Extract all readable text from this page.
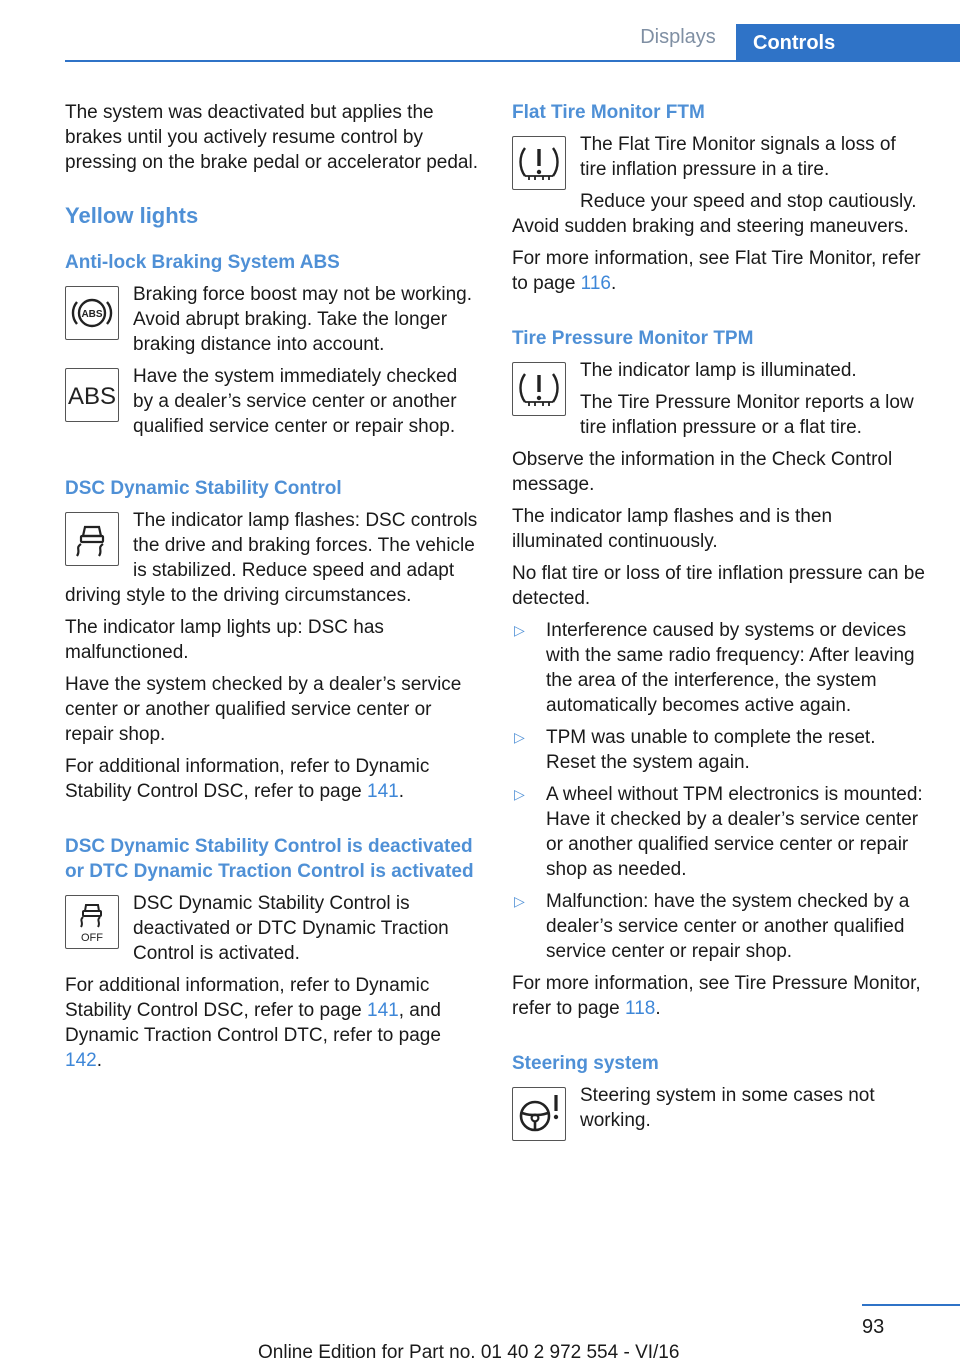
Displays	Controls

The system was deactivated but applies the brakes until you actively resume control by pressing on the brake pedal or accelerator pedal.

Yellow lights
Anti-lock Braking System ABS
ABS

Braking force boost may not be working. Avoid abrupt braking. Take the longer braking distance into account.

ABS

Have the system immediately checked by a dealer’s service center or another qualified service center or repair shop.

DSC Dynamic Stability Control

The indicator lamp flashes: DSC controls the drive and braking forces. The vehicle is stabilized. Reduce speed and adapt driving style to the driving circumstances.

The indicator lamp lights up: DSC has malfunctioned.

Have the system checked by a dealer’s service center or another qualified service center or repair shop.

For additional information, refer to Dynamic Stability Control DSC, refer to page 141.

DSC Dynamic Stability Control is deactivated or DTC Dynamic Traction Control is activated
OFF

DSC Dynamic Stability Control is deactivated or DTC Dynamic Traction Control is activated.

For additional information, refer to Dynamic Stability Control DSC, refer to page 141, and Dynamic Traction Control DTC, refer to page 142.

Flat Tire Monitor FTM

The Flat Tire Monitor signals a loss of tire inflation pressure in a tire.

Reduce your speed and stop cautiously. Avoid sudden braking and steering maneuvers.

For more information, see Flat Tire Monitor, refer to page 116.

Tire Pressure Monitor TPM

The indicator lamp is illuminated.

The Tire Pressure Monitor reports a low tire inflation pressure or a flat tire.

Observe the information in the Check Control message.

The indicator lamp flashes and is then illuminated continuously.

No flat tire or loss of tire inflation pressure can be detected.

▷ Interference caused by systems or devices with the same radio frequency: After leaving the area of the interference, the system automatically becomes active again.
▷ TPM was unable to complete the reset. Reset the system again.
▷ A wheel without TPM electronics is mounted: Have it checked by a dealer’s service center or another qualified service center or repair shop as needed.
▷ Malfunction: have the system checked by a dealer’s service center or another qualified service center or repair shop.

For more information, see Tire Pressure Monitor, refer to page 118.

Steering system

Steering system in some cases not working.

93
Online Edition for Part no. 01 40 2 972 554 - VI/16
